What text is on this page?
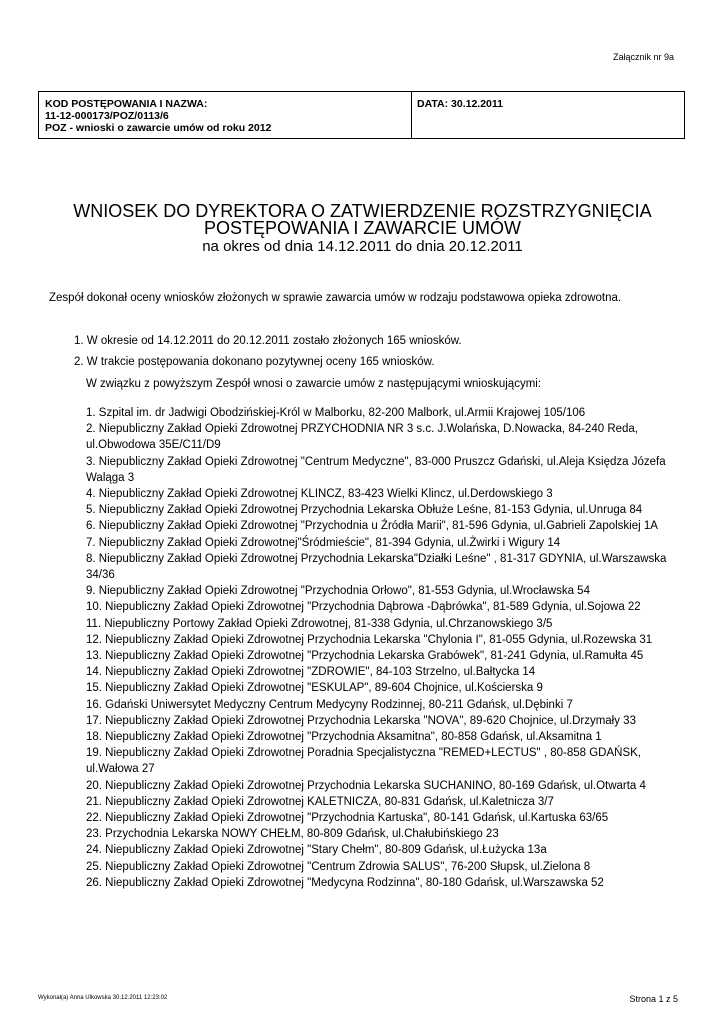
Załącznik nr 9a
KOD POSTĘPOWANIA I NAZWA:
11-12-000173/POZ/0113/6
POZ - wnioski o zawarcie umów od roku 2012
DATA: 30.12.2011
WNIOSEK DO DYREKTORA O ZATWIERDZENIE ROZSTRZYGNIĘCIA
POSTĘPOWANIA I ZAWARCIE UMÓW
na okres od dnia 14.12.2011 do dnia 20.12.2011
Zespół dokonał oceny wniosków złożonych w sprawie zawarcia umów w rodzaju podstawowa opieka zdrowotna.
1. W okresie od 14.12.2011 do 20.12.2011 zostało złożonych 165 wniosków.
2. W trakcie postępowania dokonano pozytywnej oceny 165 wniosków.
W związku z powyższym Zespół wnosi o zawarcie umów z następującymi wnioskującymi:
1. Szpital im. dr Jadwigi Obodzińskiej-Król w Malborku, 82-200 Malbork, ul.Armii Krajowej 105/106
2. Niepubliczny Zakład Opieki Zdrowotnej PRZYCHODNIA NR 3 s.c. J.Wolańska, D.Nowacka, 84-240 Reda, ul.Obwodowa 35E/C11/D9
3. Niepubliczny Zakład Opieki Zdrowotnej "Centrum Medyczne", 83-000 Pruszcz Gdański, ul.Aleja Księdza Józefa Waląga 3
4. Niepubliczny Zakład Opieki Zdrowotnej KLINCZ, 83-423 Wielki Klincz, ul.Derdowskiego 3
5. Niepubliczny Zakład Opieki Zdrowotnej Przychodnia Lekarska Obłuże Leśne, 81-153 Gdynia, ul.Unruga 84
6. Niepubliczny Zakład Opieki Zdrowotnej "Przychodnia u Źródła Marii", 81-596 Gdynia, ul.Gabrieli Zapolskiej 1A
7. Niepubliczny Zakład Opieki Zdrowotnej"Śródmieście", 81-394 Gdynia, ul.Żwirki i Wigury 14
8. Niepubliczny Zakład Opieki Zdrowotnej Przychodnia Lekarska"Działki Leśne" , 81-317 GDYNIA, ul.Warszawska 34/36
9. Niepubliczny Zakład Opieki Zdrowotnej "Przychodnia Orłowo", 81-553 Gdynia, ul.Wrocławska 54
10. Niepubliczny Zakład Opieki Zdrowotnej "Przychodnia Dąbrowa -Dąbrówka", 81-589 Gdynia, ul.Sojowa 22
11. Niepubliczny Portowy Zakład Opieki Zdrowotnej, 81-338 Gdynia, ul.Chrzanowskiego 3/5
12. Niepubliczny Zakład Opieki Zdrowotnej Przychodnia Lekarska "Chylonia I", 81-055 Gdynia, ul.Rozewska 31
13. Niepubliczny Zakład Opieki Zdrowotnej "Przychodnia Lekarska Grabówek", 81-241 Gdynia, ul.Ramułta 45
14. Niepubliczny Zakład Opieki Zdrowotnej "ZDROWIE", 84-103 Strzelno, ul.Bałtycka 14
15. Niepubliczny Zakład Opieki Zdrowotnej "ESKULAP", 89-604 Chojnice, ul.Kościerska 9
16. Gdański Uniwersytet Medyczny Centrum Medycyny Rodzinnej, 80-211 Gdańsk, ul.Dębinki 7
17. Niepubliczny Zakład Opieki Zdrowotnej Przychodnia Lekarska "NOVA", 89-620 Chojnice, ul.Drzymały 33
18. Niepubliczny Zakład Opieki Zdrowotnej "Przychodnia Aksamitna", 80-858 Gdańsk, ul.Aksamitna 1
19. Niepubliczny Zakład Opieki Zdrowotnej Poradnia Specjalistyczna "REMED+LECTUS" , 80-858 GDAŃSK, ul.Wałowa 27
20. Niepubliczny Zakład Opieki Zdrowotnej Przychodnia Lekarska SUCHANINO, 80-169 Gdańsk, ul.Otwarta 4
21. Niepubliczny Zakład Opieki Zdrowotnej KALETNICZA, 80-831 Gdańsk, ul.Kaletnicza 3/7
22. Niepubliczny Zakład Opieki Zdrowotnej "Przychodnia Kartuska", 80-141 Gdańsk, ul.Kartuska 63/65
23. Przychodnia Lekarska NOWY CHEŁM, 80-809 Gdańsk, ul.Chałubińskiego 23
24. Niepubliczny Zakład Opieki Zdrowotnej "Stary Chełm", 80-809 Gdańsk, ul.Łużycka 13a
25. Niepubliczny Zakład Opieki Zdrowotnej "Centrum Zdrowia SALUS", 76-200 Słupsk, ul.Zielona 8
26. Niepubliczny Zakład Opieki Zdrowotnej "Medycyna Rodzinna", 80-180 Gdańsk, ul.Warszawska 52
Wykonał(a) Anna Ulkowska 30.12.2011 12:23:02	Strona 1 z 5
